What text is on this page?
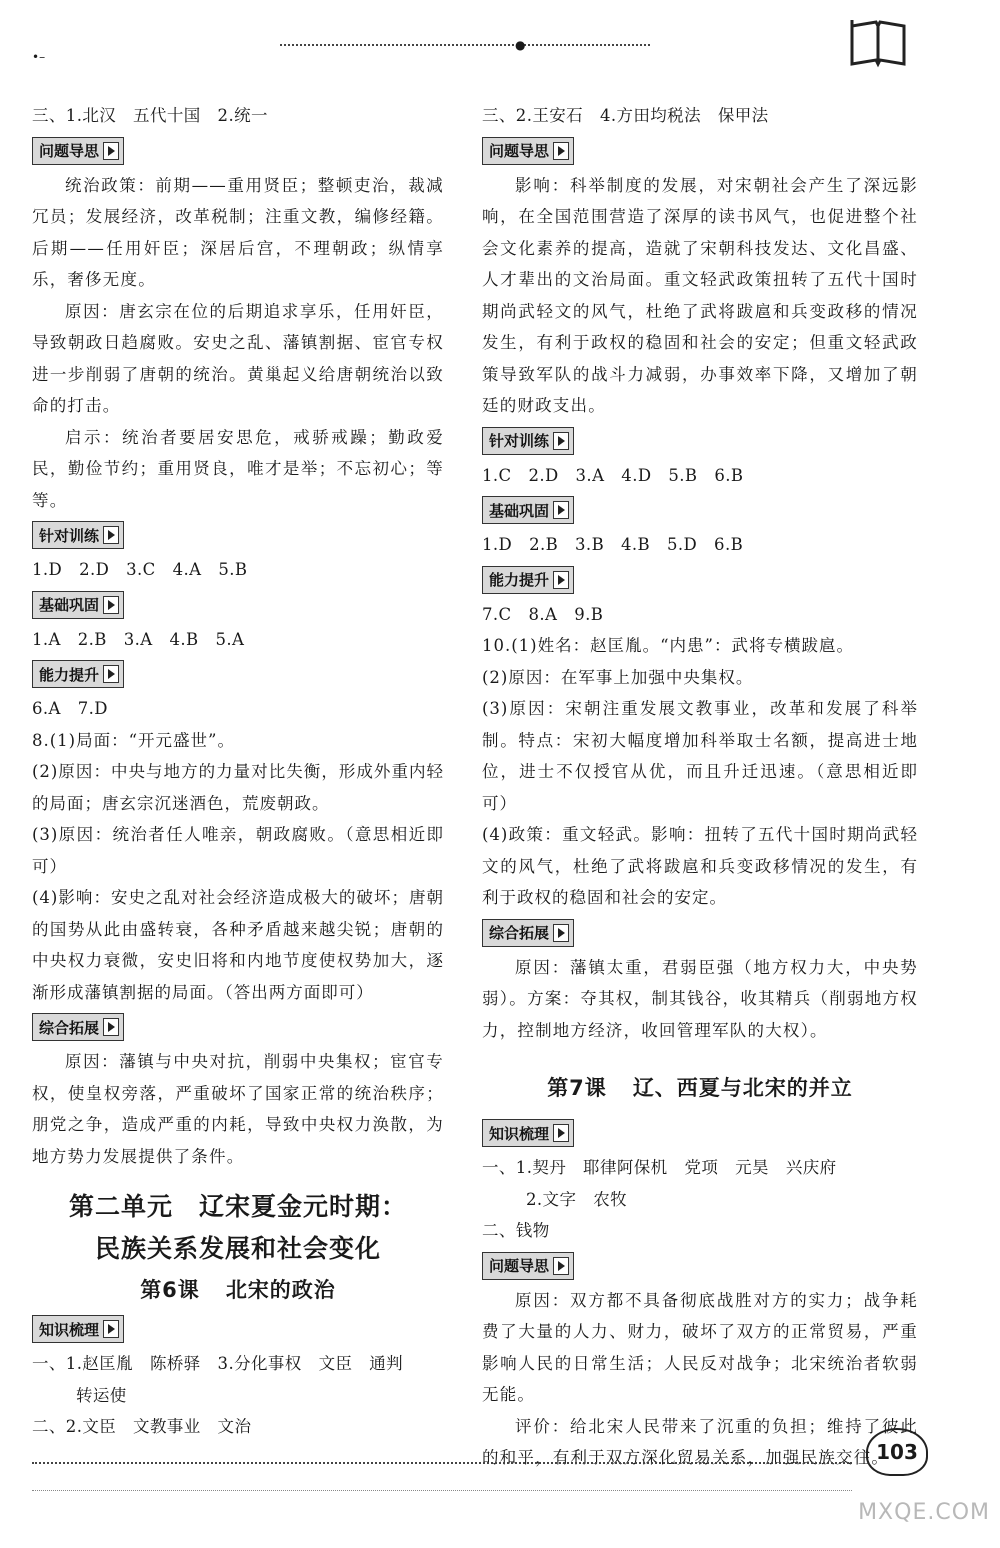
•–
●
三、1.北汉　五代十国　2.统一
问题导思

统治政策：前期——重用贤臣；整顿吏治，裁减冗员；发展经济，改革税制；注重文教，编修经籍。后期——任用奸臣；深居后宫，不理朝政；纵情享乐，奢侈无度。

原因：唐玄宗在位的后期追求享乐，任用奸臣，导致朝政日趋腐败。安史之乱、藩镇割据、宦官专权进一步削弱了唐朝的统治。黄巢起义给唐朝统治以致命的打击。

启示：统治者要居安思危，戒骄戒躁；勤政爱民，勤俭节约；重用贤良，唯才是举；不忘初心；等等。

针对训练
1.D　2.D　3.C　4.A　5.B
基础巩固
1.A　2.B　3.A　4.B　5.A
能力提升
6.A　7.D

8.(1)局面：“开元盛世”。

(2)原因：中央与地方的力量对比失衡，形成外重内轻的局面；唐玄宗沉迷酒色，荒废朝政。

(3)原因：统治者任人唯亲，朝政腐败。（意思相近即可）

(4)影响：安史之乱对社会经济造成极大的破坏；唐朝的国势从此由盛转衰，各种矛盾越来越尖锐；唐朝的中央权力衰微，安史旧将和内地节度使权势加大，逐渐形成藩镇割据的局面。（答出两方面即可）

综合拓展

原因：藩镇与中央对抗，削弱中央集权；宦官专权，使皇权旁落，严重破坏了国家正常的统治秩序；朋党之争，造成严重的内耗，导致中央权力涣散，为地方势力发展提供了条件。

第二单元　辽宋夏金元时期：
民族关系发展和社会变化
第6课 北宋的政治
知识梳理
一、1.赵匡胤　陈桥驿　3.分化事权　文臣　通判
转运使
二、2.文臣　文教事业　文治
三、2.王安石　4.方田均税法　保甲法
问题导思

影响：科举制度的发展，对宋朝社会产生了深远影响，在全国范围营造了深厚的读书风气，也促进整个社会文化素养的提高，造就了宋朝科技发达、文化昌盛、人才辈出的文治局面。重文轻武政策扭转了五代十国时期尚武轻文的风气，杜绝了武将跋扈和兵变政移的情况发生，有利于政权的稳固和社会的安定；但重文轻武政策导致军队的战斗力减弱，办事效率下降，又增加了朝廷的财政支出。

针对训练
1.C　2.D　3.A　4.D　5.B　6.B
基础巩固
1.D　2.B　3.B　4.B　5.D　6.B
能力提升
7.C　8.A　9.B

10.(1)姓名：赵匡胤。“内患”：武将专横跋扈。

(2)原因：在军事上加强中央集权。

(3)原因：宋朝注重发展文教事业，改革和发展了科举制。特点：宋初大幅度增加科举取士名额，提高进士地位，进士不仅授官从优，而且升迁迅速。（意思相近即可）

(4)政策：重文轻武。影响：扭转了五代十国时期尚武轻文的风气，杜绝了武将跋扈和兵变政移情况的发生，有利于政权的稳固和社会的安定。

综合拓展

原因：藩镇太重，君弱臣强（地方权力大，中央势弱）。方案：夺其权，制其钱谷，收其精兵（削弱地方权力，控制地方经济，收回管理军队的大权）。

第7课 辽、西夏与北宋的并立
知识梳理
一、1.契丹　耶律阿保机　党项　元昊　兴庆府
2.文字　农牧
二、钱物
问题导思

原因：双方都不具备彻底战胜对方的实力；战争耗费了大量的人力、财力，破坏了双方的正常贸易，严重影响人民的日常生活；人民反对战争；北宋统治者软弱无能。

评价：给北宋人民带来了沉重的负担；维持了彼此的和平，有利于双方深化贸易关系，加强民族交往。

103
MXQE.COM
